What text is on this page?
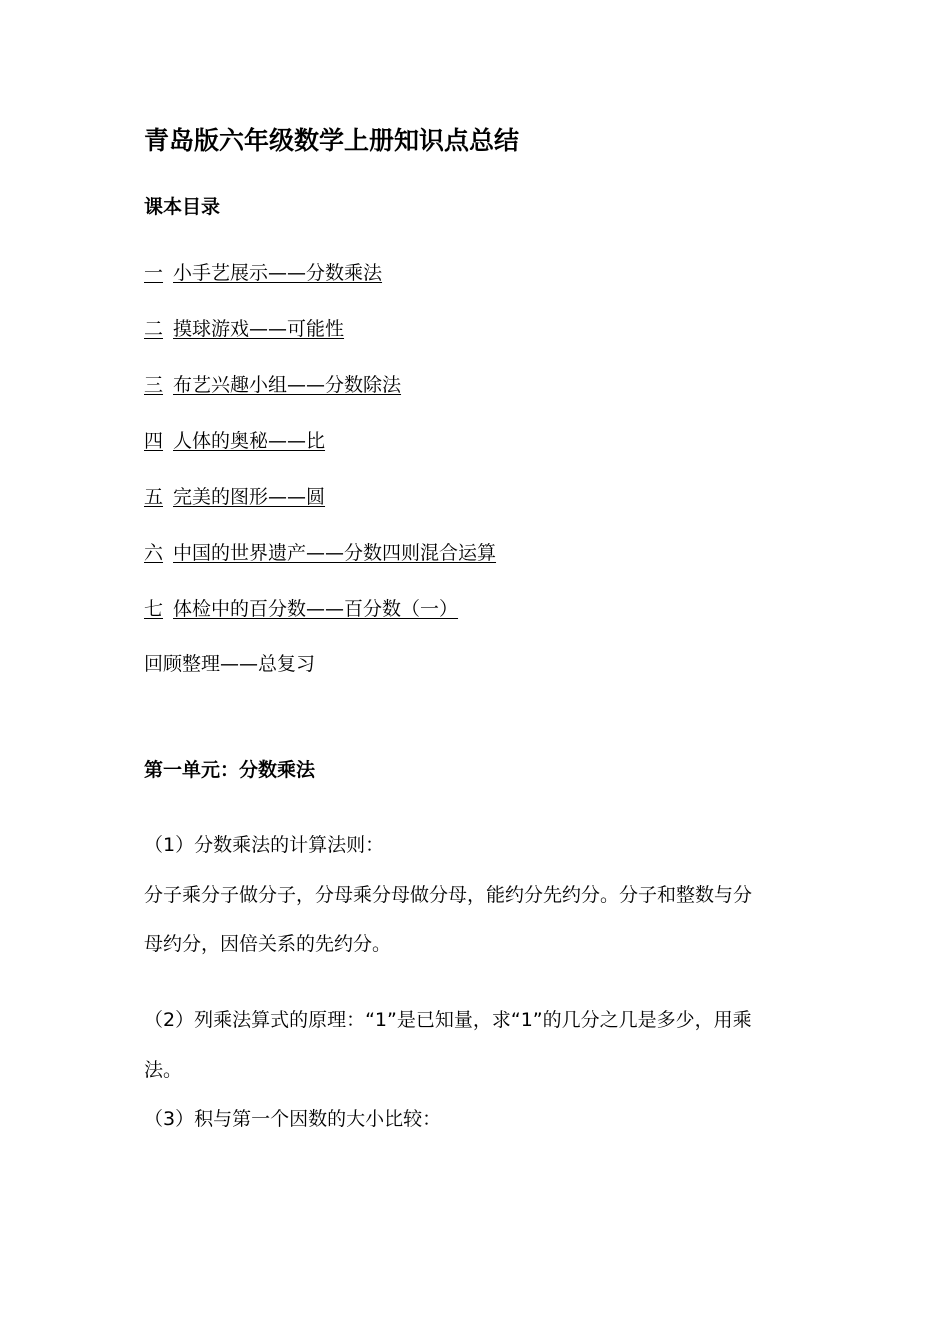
青岛版六年级数学上册知识点总结
课本目录
一 小手艺展示——分数乘法
二 摸球游戏——可能性
三 布艺兴趣小组——分数除法
四 人体的奥秘——比
五 完美的图形——圆
六 中国的世界遗产——分数四则混合运算
七 体检中的百分数——百分数（一）
回顾整理——总复习
第一单元：分数乘法
（1）分数乘法的计算法则：
分子乘分子做分子，分母乘分母做分母，能约分先约分。分子和整数与分
母约分，因倍关系的先约分。
（2）列乘法算式的原理：“1”是已知量，求“1”的几分之几是多少，用乘
法。
（3）积与第一个因数的大小比较：
